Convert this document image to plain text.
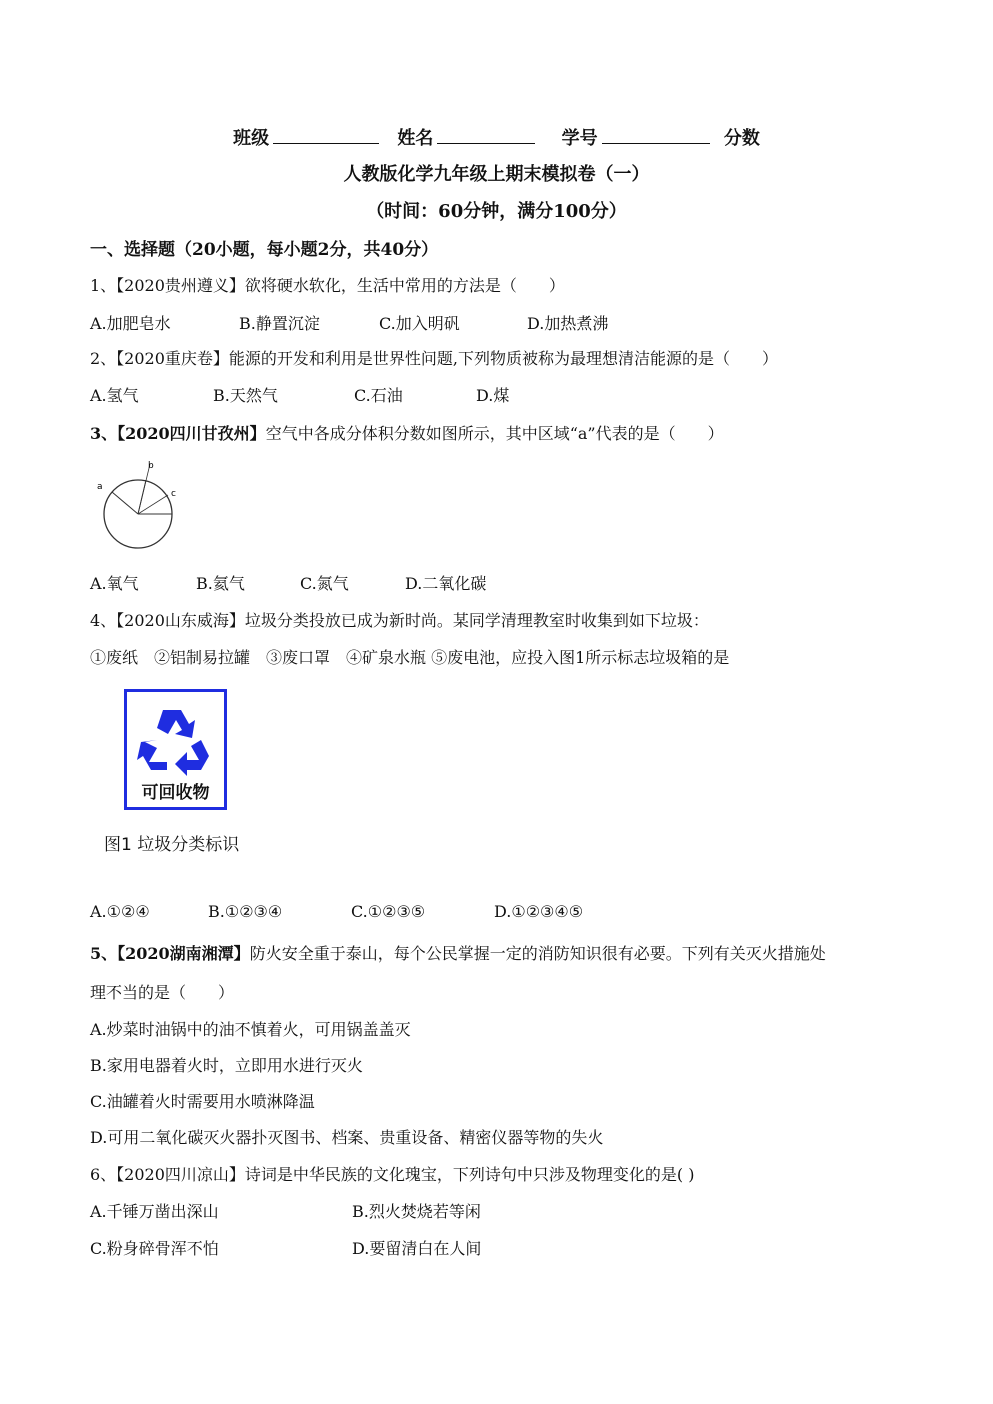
班级	姓名	学号	分数
人教版化学九年级上期末模拟卷（一）
（时间：60分钟，满分100分）
一、选择题（20小题，每小题2分，共40分）
1、【2020贵州遵义】欲将硬水软化，生活中常用的方法是（　　）
A.加肥皂水	B.静置沉淀	C.加入明矾	D.加热煮沸
2、【2020重庆卷】能源的开发和利用是世界性问题,下列物质被称为最理想清洁能源的是（　　）
A.氢气	B.天然气	C.石油	D.煤
3、【2020四川甘孜州】空气中各成分体积分数如图所示，其中区域“a”代表的是（　　）
a
b
c
A.氧气	B.氦气	C.氮气	D.二氧化碳
4、【2020山东威海】垃圾分类投放已成为新时尚。某同学清理教室时收集到如下垃圾：
①废纸　②铝制易拉罐　③废口罩　④矿泉水瓶 ⑤废电池，应投入图1所示标志垃圾箱的是
可回收物
图1 垃圾分类标识
A.①②④	B.①②③④	C.①②③⑤	D.①②③④⑤
5、【2020湖南湘潭】防火安全重于泰山，每个公民掌握一定的消防知识很有必要。下列有关灭火措施处
理不当的是（　　）
A.炒菜时油锅中的油不慎着火，可用锅盖盖灭
B.家用电器着火时，立即用水进行灭火
C.油罐着火时需要用水喷淋降温
D.可用二氧化碳灭火器扑灭图书、档案、贵重设备、精密仪器等物的失火
6、【2020四川凉山】诗词是中华民族的文化瑰宝，下列诗句中只涉及物理变化的是( )
A.千锤万凿出深山	B.烈火焚烧若等闲
C.粉身碎骨浑不怕	D.要留清白在人间
